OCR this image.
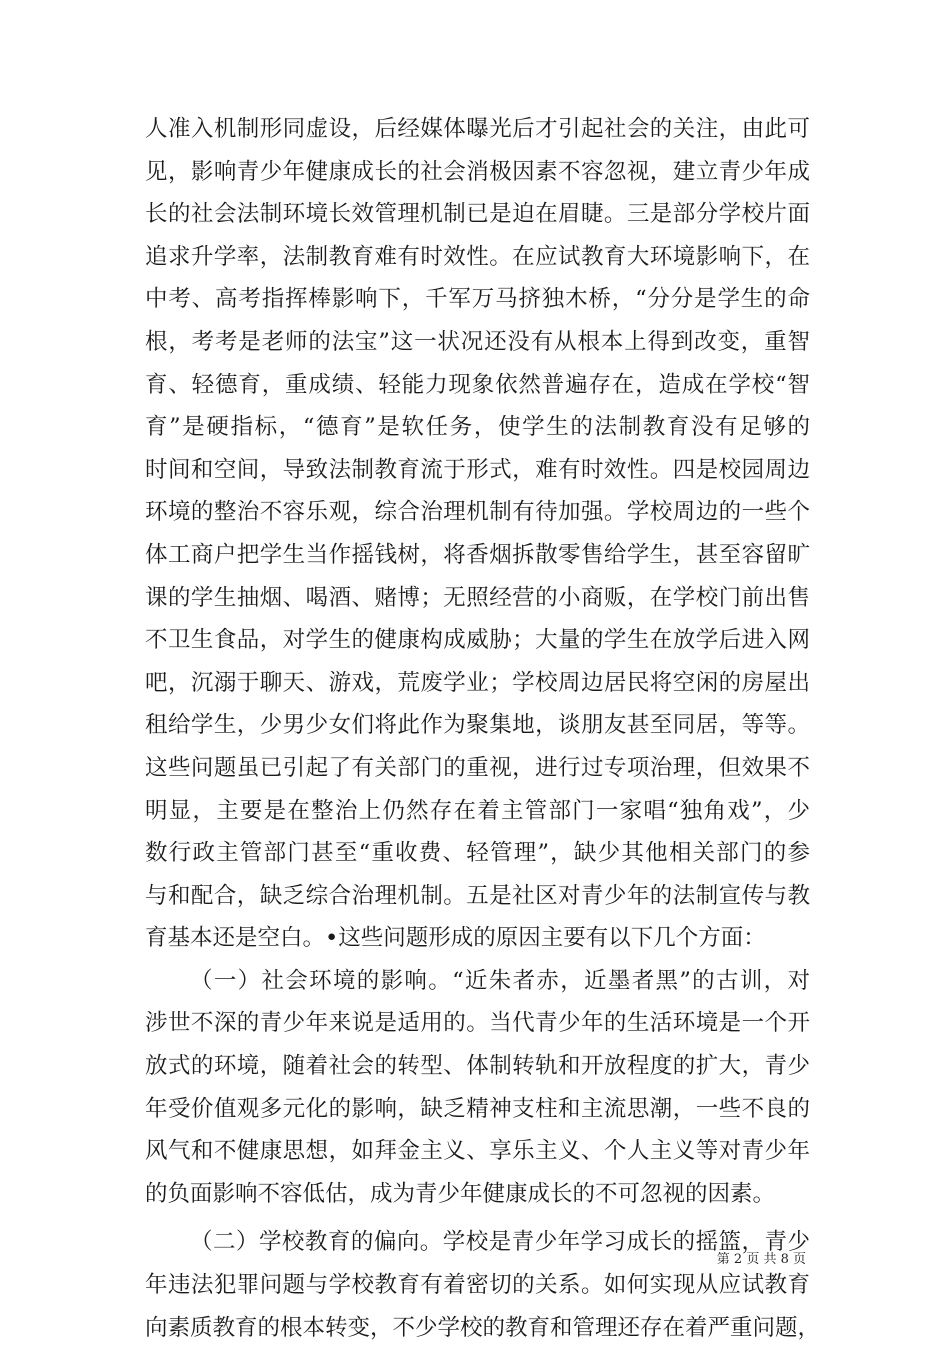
人准入机制形同虚设，后经媒体曝光后才引起社会的关注，由此可
见，影响青少年健康成长的社会消极因素不容忽视，建立青少年成
长的社会法制环境长效管理机制已是迫在眉睫。三是部分学校片面
追求升学率，法制教育难有时效性。在应试教育大环境影响下，在
中考、高考指挥棒影响下，千军万马挤独木桥，“分分是学生的命
根，考考是老师的法宝”这一状况还没有从根本上得到改变，重智
育、轻德育，重成绩、轻能力现象依然普遍存在，造成在学校“智
育”是硬指标，“德育”是软任务，使学生的法制教育没有足够的
时间和空间，导致法制教育流于形式，难有时效性。四是校园周边
环境的整治不容乐观，综合治理机制有待加强。学校周边的一些个
体工商户把学生当作摇钱树，将香烟拆散零售给学生，甚至容留旷
课的学生抽烟、喝酒、赌博；无照经营的小商贩，在学校门前出售
不卫生食品，对学生的健康构成威胁；大量的学生在放学后进入网
吧，沉溺于聊天、游戏，荒废学业；学校周边居民将空闲的房屋出
租给学生，少男少女们将此作为聚集地，谈朋友甚至同居，等等。
这些问题虽已引起了有关部门的重视，进行过专项治理，但效果不
明显，主要是在整治上仍然存在着主管部门一家唱“独角戏”，少
数行政主管部门甚至“重收费、轻管理”，缺少其他相关部门的参
与和配合，缺乏综合治理机制。五是社区对青少年的法制宣传与教
育基本还是空白。•这些问题形成的原因主要有以下几个方面：
（一）社会环境的影响。“近朱者赤，近墨者黑”的古训，对
涉世不深的青少年来说是适用的。当代青少年的生活环境是一个开
放式的环境，随着社会的转型、体制转轨和开放程度的扩大，青少
年受价值观多元化的影响，缺乏精神支柱和主流思潮，一些不良的
风气和不健康思想，如拜金主义、享乐主义、个人主义等对青少年
的负面影响不容低估，成为青少年健康成长的不可忽视的因素。
（二）学校教育的偏向。学校是青少年学习成长的摇篮，青少
年违法犯罪问题与学校教育有着密切的关系。如何实现从应试教育
向素质教育的根本转变，不少学校的教育和管理还存在着严重问题，
第 2 页 共 8 页
